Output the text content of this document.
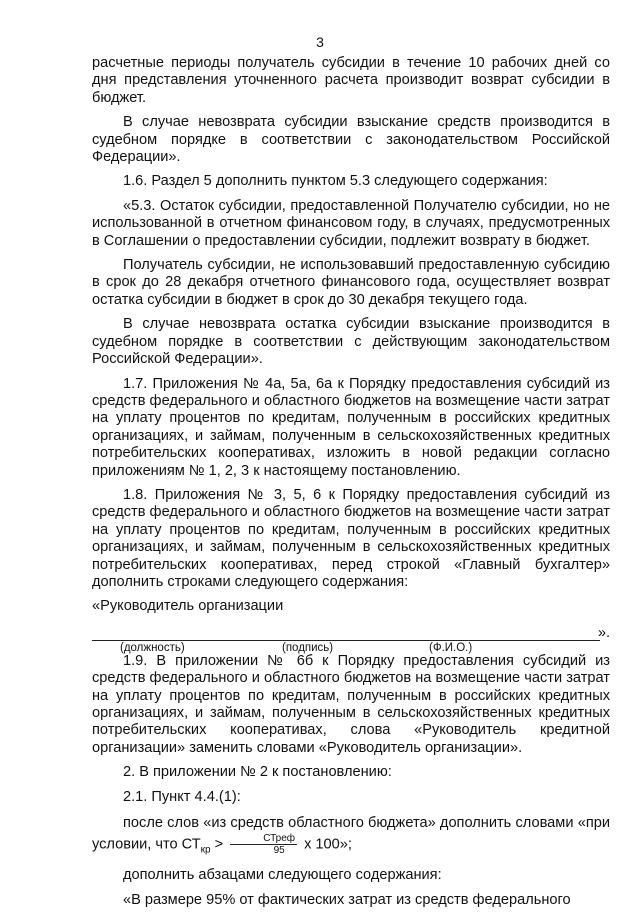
3

расчетные периоды получатель субсидии в течение 10 рабочих дней со дня представления уточненного расчета производит возврат субсидии в бюджет.

В случае невозврата субсидии взыскание средств производится в судебном порядке в соответствии с законодательством Российской Федерации».

1.6. Раздел 5 дополнить пунктом 5.3 следующего содержания:

«5.3. Остаток субсидии, предоставленной Получателю субсидии, но не использованной в отчетном финансовом году, в случаях, предусмотренных в Соглашении о предоставлении субсидии, подлежит возврату в бюджет.

Получатель субсидии, не использовавший предоставленную субсидию в срок до 28 декабря отчетного финансового года, осуществляет возврат остатка субсидии в бюджет в срок до 30 декабря текущего года.

В случае невозврата остатка субсидии взыскание производится в судебном порядке в соответствии с действующим законодательством Российской Федерации».

1.7. Приложения № 4а, 5а, 6а к Порядку предоставления субсидий из средств федерального и областного бюджетов на возмещение части затрат на уплату процентов по кредитам, полученным в российских кредитных организациях, и займам, полученным в сельскохозяйственных кредитных потребительских кооперативах, изложить в новой редакции согласно приложениям № 1, 2, 3 к настоящему постановлению.

1.8. Приложения № 3, 5, 6 к Порядку предоставления субсидий из средств федерального и областного бюджетов на возмещение части затрат на уплату процентов по кредитам, полученным в российских кредитных организациях, и займам, полученным в сельскохозяйственных кредитных потребительских кооперативах, перед строкой «Главный бухгалтер» дополнить строками следующего содержания:

«Руководитель организации

».
(должность)	(подпись)	(Ф.И.О.)

1.9. В приложении № 6б к Порядку предоставления субсидий из средств федерального и областного бюджетов на возмещение части затрат на уплату процентов по кредитам, полученным в российских кредитных организациях, и займам, полученным в сельскохозяйственных кредитных потребительских кооперативах, слова «Руководитель кредитной организации» заменить словами «Руководитель организации».

2. В приложении № 2 к постановлению:

2.1. Пункт 4.4.(1):

после слов «из средств областного бюджета» дополнить словами «при условии, что $СТ_{кр} > \frac{\text{СТреф}}{95}$ х 100»;

дополнить абзацами следующего содержания:

«В размере 95% от фактических затрат из средств федерального
